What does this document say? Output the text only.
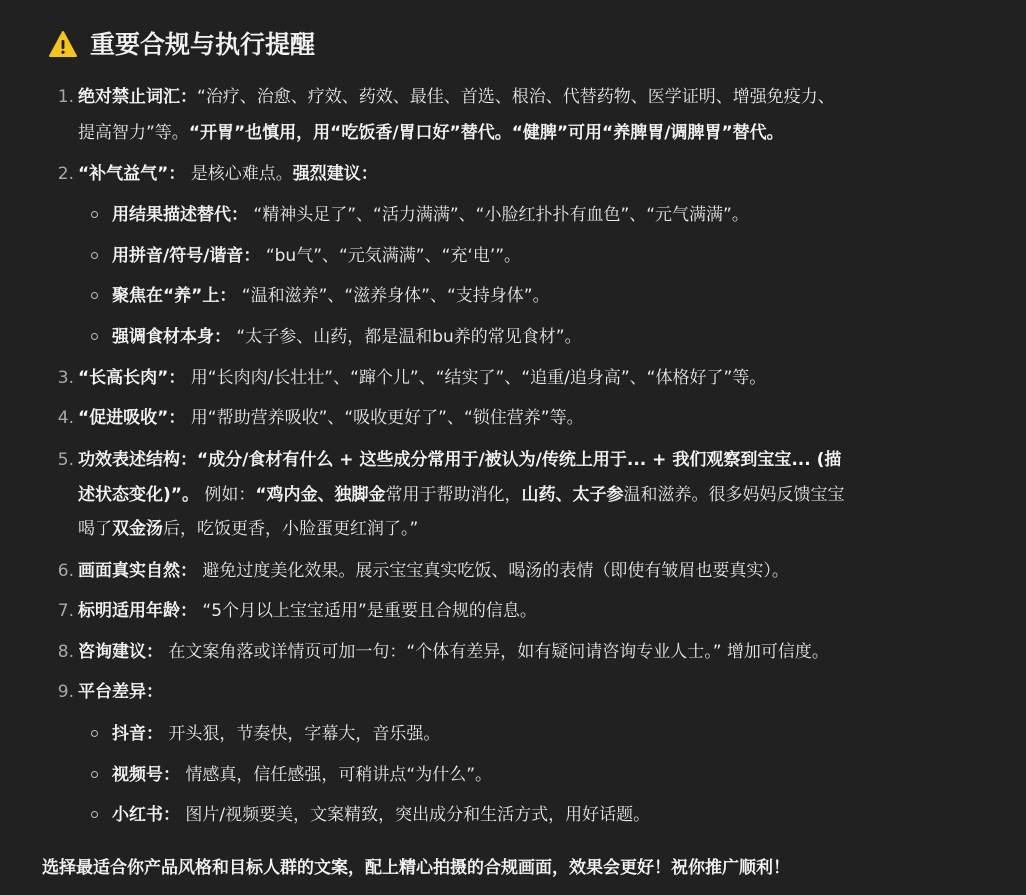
重要合规与执行提醒
1. 绝对禁止词汇：“治疗、治愈、疗效、药效、最佳、首选、根治、代替药物、医学证明、增强免疫力、
提高智力”等。“开胃”也慎用，用“吃饭香/胃口好”替代。“健脾”可用“养脾胃/调脾胃”替代。
2. “补气益气”： 是核心难点。强烈建议：
用结果描述替代： “精神头足了”、“活力满满”、“小脸红扑扑有血色”、“元气满满”。
用拼音/符号/谐音： “bu气”、“元気满满”、“充‘电’”。
聚焦在“养”上： “温和滋养”、“滋养身体”、“支持身体”。
强调食材本身： “太子参、山药，都是温和bu养的常见食材”。
3. “长高长肉”： 用“长肉肉/长壮壮”、“蹿个儿”、“结实了”、“追重/追身高”、“体格好了”等。
4. “促进吸收”： 用“帮助营养吸收”、“吸收更好了”、“锁住营养”等。
5. 功效表述结构：“成分/食材有什么 + 这些成分常用于/被认为/传统上用于... + 我们观察到宝宝... (描
述状态变化)”。 例如：“鸡内金、独脚金常用于帮助消化，山药、太子参温和滋养。很多妈妈反馈宝宝
喝了双金汤后，吃饭更香，小脸蛋更红润了。”
6. 画面真实自然： 避免过度美化效果。展示宝宝真实吃饭、喝汤的表情（即使有皱眉也要真实）。
7. 标明适用年龄： “5个月以上宝宝适用”是重要且合规的信息。
8. 咨询建议： 在文案角落或详情页可加一句：“个体有差异，如有疑问请咨询专业人士。” 增加可信度。
9. 平台差异：
抖音： 开头狠，节奏快，字幕大，音乐强。
视频号： 情感真，信任感强，可稍讲点“为什么”。
小红书： 图片/视频要美，文案精致，突出成分和生活方式，用好话题。
选择最适合你产品风格和目标人群的文案，配上精心拍摄的合规画面，效果会更好！祝你推广顺利！
